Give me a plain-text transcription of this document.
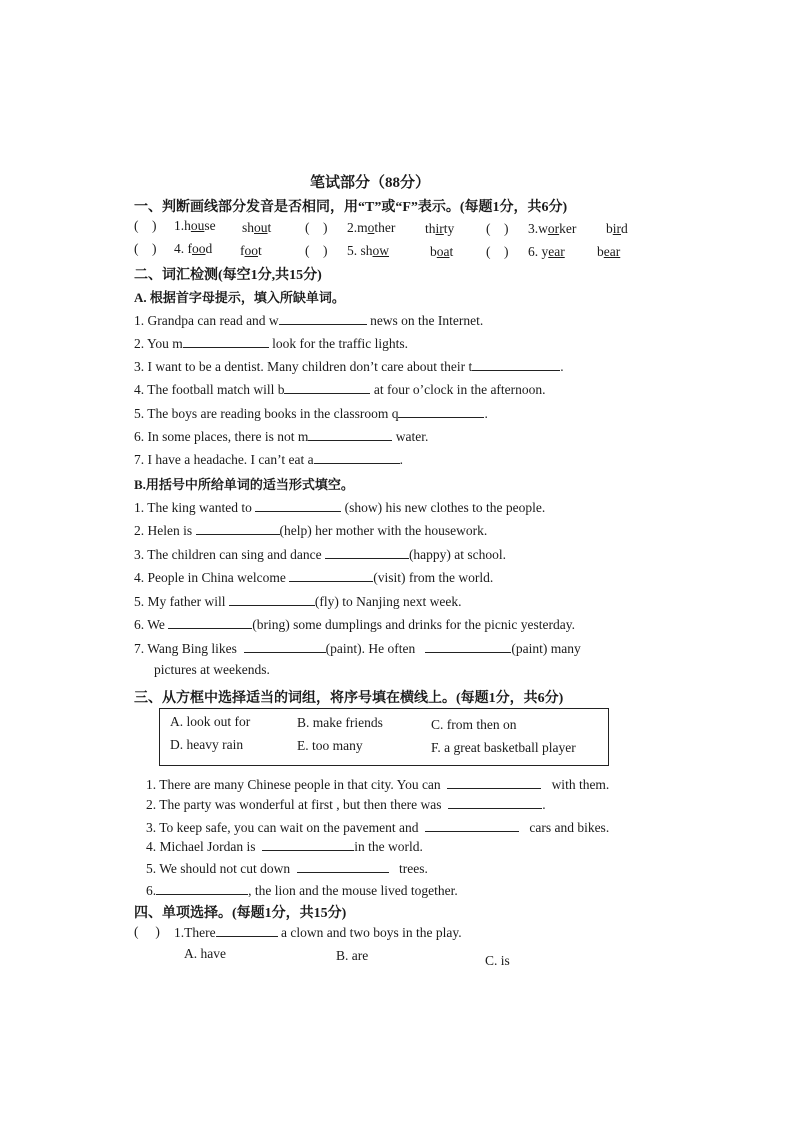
笔试部分（88分）
一、判断画线部分发音是否相同，用“T”或“F”表示。(每题1分，共6分)
( ) 1.house shout ( ) 2.mother thirty ( ) 3.worker bird
( ) 4. food foot	( ) 5. show	boat ( ) 6. year bear
二、词汇检测(每空1分,共15分)
A. 根据首字母提示，填入所缺单词。
1. Grandpa can read and w	news on the Internet.
2. You m	look for the traffic lights.
3. I want to be a dentist. Many children don’t care about their t	.
4. The football match will b	at four o’clock in the afternoon.
5. The boys are reading books in the classroom q	.
6. In some places, there is not m	water.
7. I have a headache. I can’t eat a	.
B.用括号中所给单词的适当形式填空。
1. The king wanted to	(show) his new clothes to the people.
2. Helen is	(help) her mother with the housework.
3. The children can sing and dance	(happy) at school.
4. People in China welcome	(visit) from the world.
5. My father will	(fly) to Nanjing next week.
6. We	(bring) some dumplings and drinks for the picnic yesterday.
7. Wang Bing likes	(paint). He often	(paint) many
pictures at weekends.
三、从方框中选择适当的词组，将序号填在横线上。(每题1分，共6分)
A. look out for	B. make friends	C. from then on
D. heavy rain	E. too many	F. a great basketball player
1. There are many Chinese people in that city. You can	with them.
2. The party was wonderful at first , but then there was	.
3. To keep safe, you can wait on the pavement and	cars and bikes.
4. Michael Jordan is	in the world.
5. We should not cut down	trees.
6.	, the lion and the mouse lived together.
四、单项选择。(每题1分，共15分)
( ) 1.There	a clown and two boys in the play.
A. have	B. are	C. is
